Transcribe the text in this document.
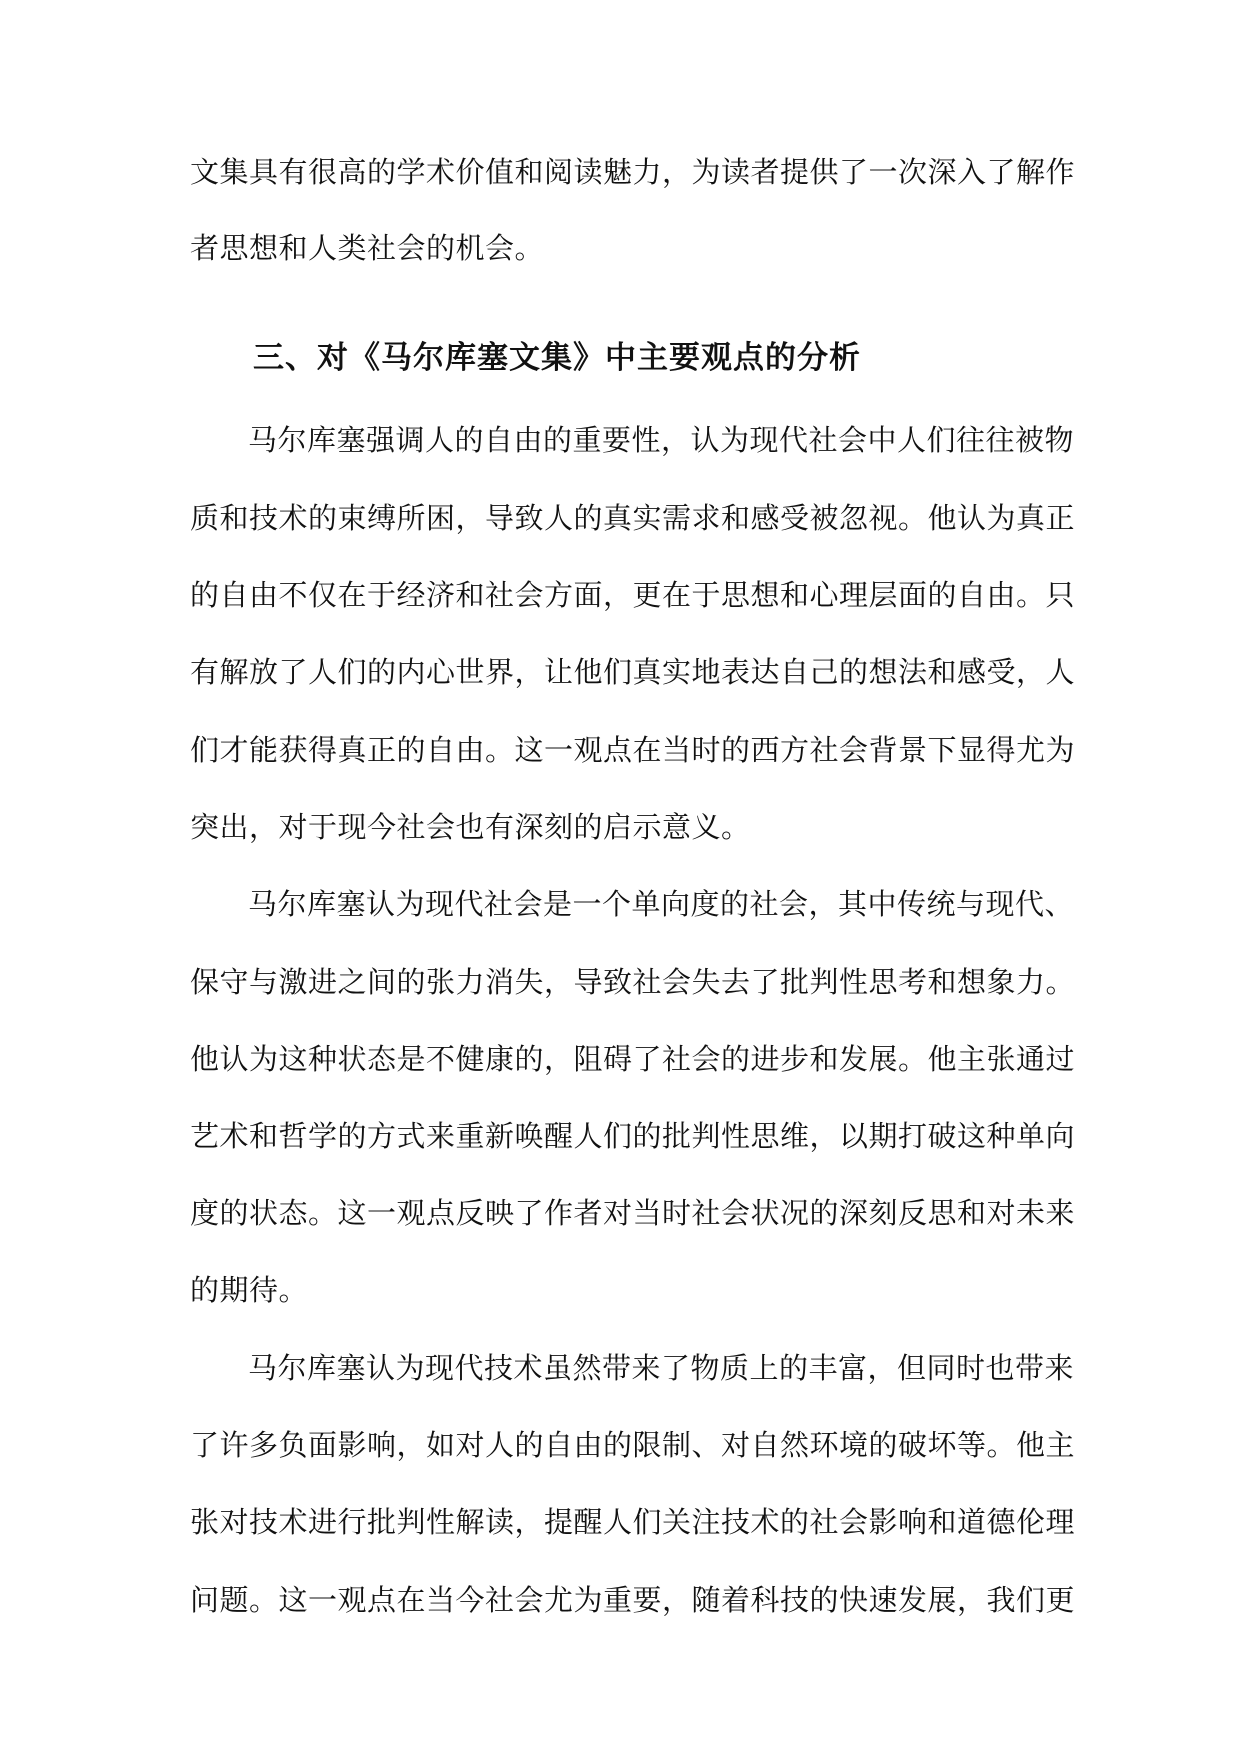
文集具有很高的学术价值和阅读魅力，为读者提供了一次深入了解作
者思想和人类社会的机会。
三、对《马尔库塞文集》中主要观点的分析
马尔库塞强调人的自由的重要性，认为现代社会中人们往往被物
质和技术的束缚所困，导致人的真实需求和感受被忽视。他认为真正
的自由不仅在于经济和社会方面，更在于思想和心理层面的自由。只
有解放了人们的内心世界，让他们真实地表达自己的想法和感受，人
们才能获得真正的自由。这一观点在当时的西方社会背景下显得尤为
突出，对于现今社会也有深刻的启示意义。
马尔库塞认为现代社会是一个单向度的社会，其中传统与现代、
保守与激进之间的张力消失，导致社会失去了批判性思考和想象力。
他认为这种状态是不健康的，阻碍了社会的进步和发展。他主张通过
艺术和哲学的方式来重新唤醒人们的批判性思维，以期打破这种单向
度的状态。这一观点反映了作者对当时社会状况的深刻反思和对未来
的期待。
马尔库塞认为现代技术虽然带来了物质上的丰富，但同时也带来
了许多负面影响，如对人的自由的限制、对自然环境的破坏等。他主
张对技术进行批判性解读，提醒人们关注技术的社会影响和道德伦理
问题。这一观点在当今社会尤为重要，随着科技的快速发展，我们更
